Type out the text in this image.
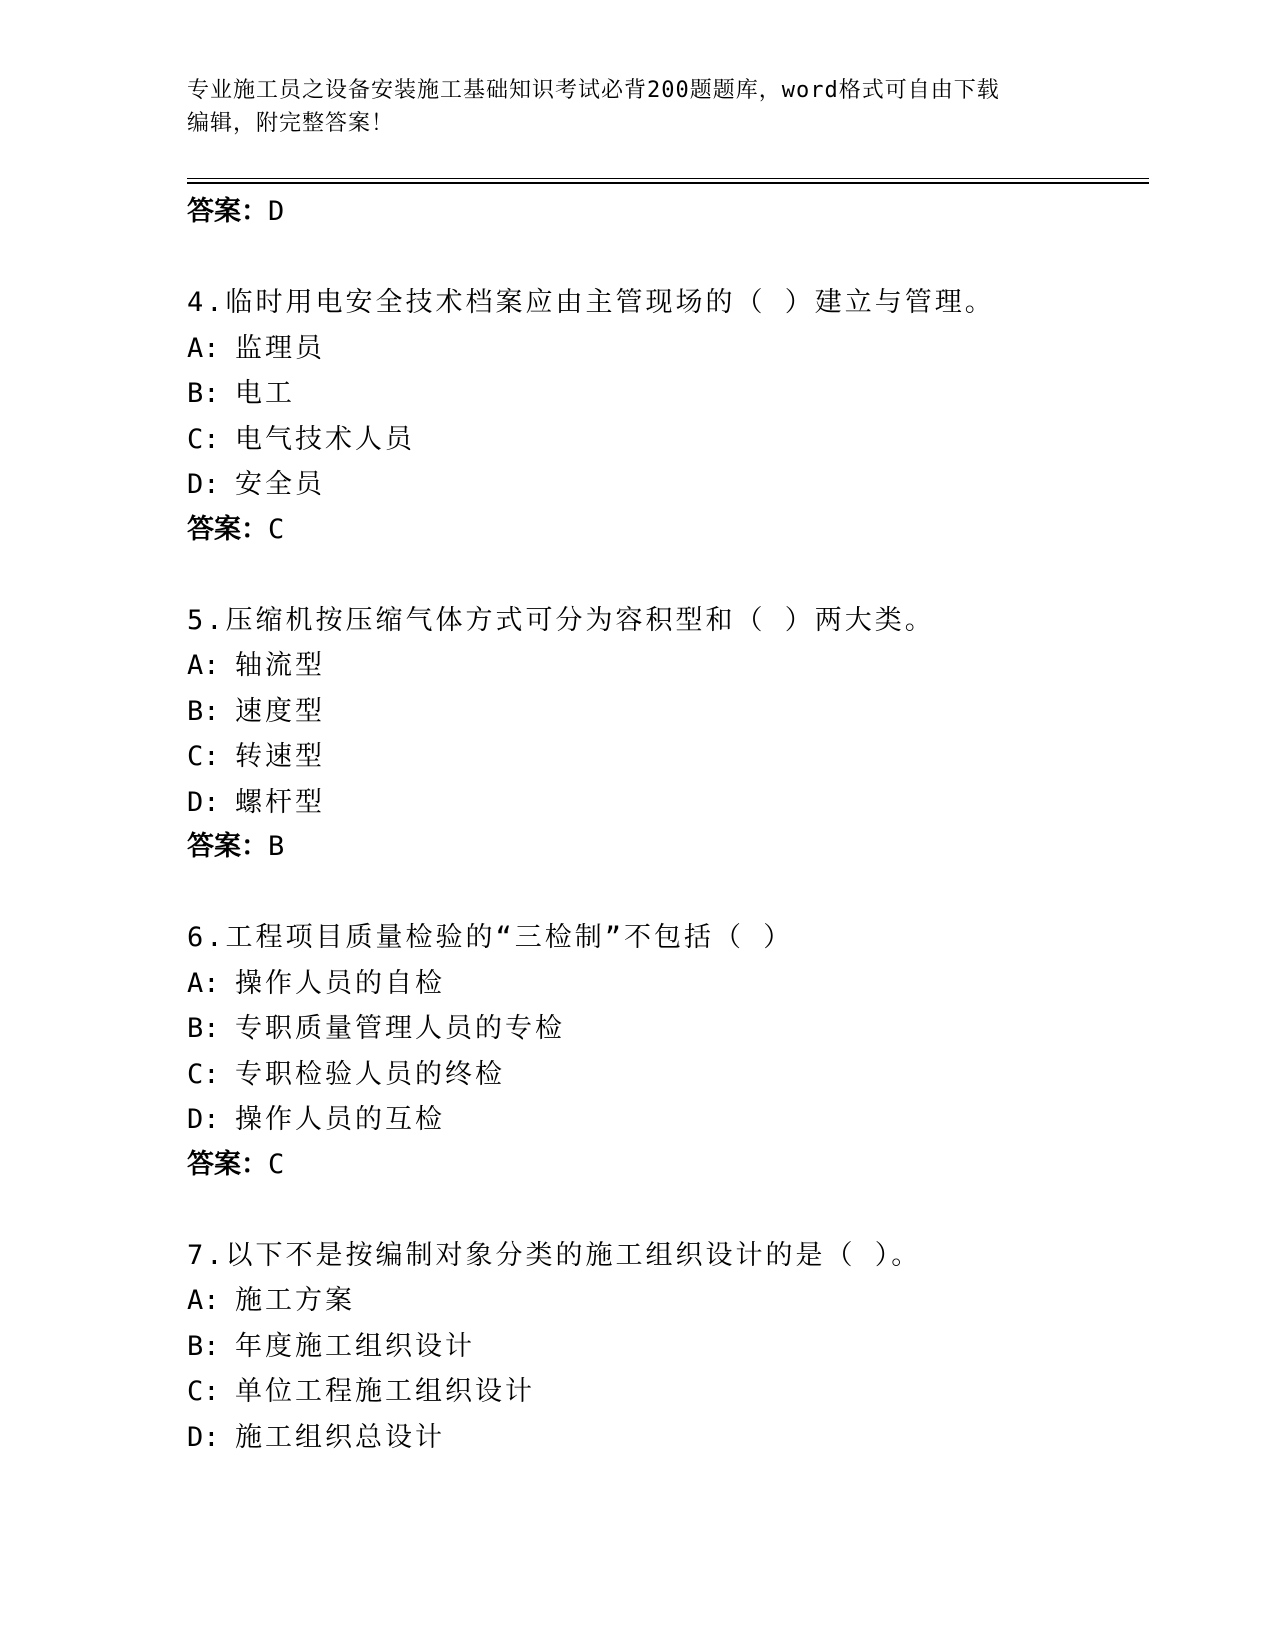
专业施工员之设备安装施工基础知识考试必背200题题库，word格式可自由下载
编辑，附完整答案！
答案：D
4.临时用电安全技术档案应由主管现场的（ ）建立与管理。
A: 监理员
B: 电工
C: 电气技术人员
D: 安全员
答案：C
5.压缩机按压缩气体方式可分为容积型和（ ）两大类。
A: 轴流型
B: 速度型
C: 转速型
D: 螺杆型
答案：B
6.工程项目质量检验的“三检制”不包括（ ）
A: 操作人员的自检
B: 专职质量管理人员的专检
C: 专职检验人员的终检
D: 操作人员的互检
答案：C
7.以下不是按编制对象分类的施工组织设计的是（ ）。
A: 施工方案
B: 年度施工组织设计
C: 单位工程施工组织设计
D: 施工组织总设计
